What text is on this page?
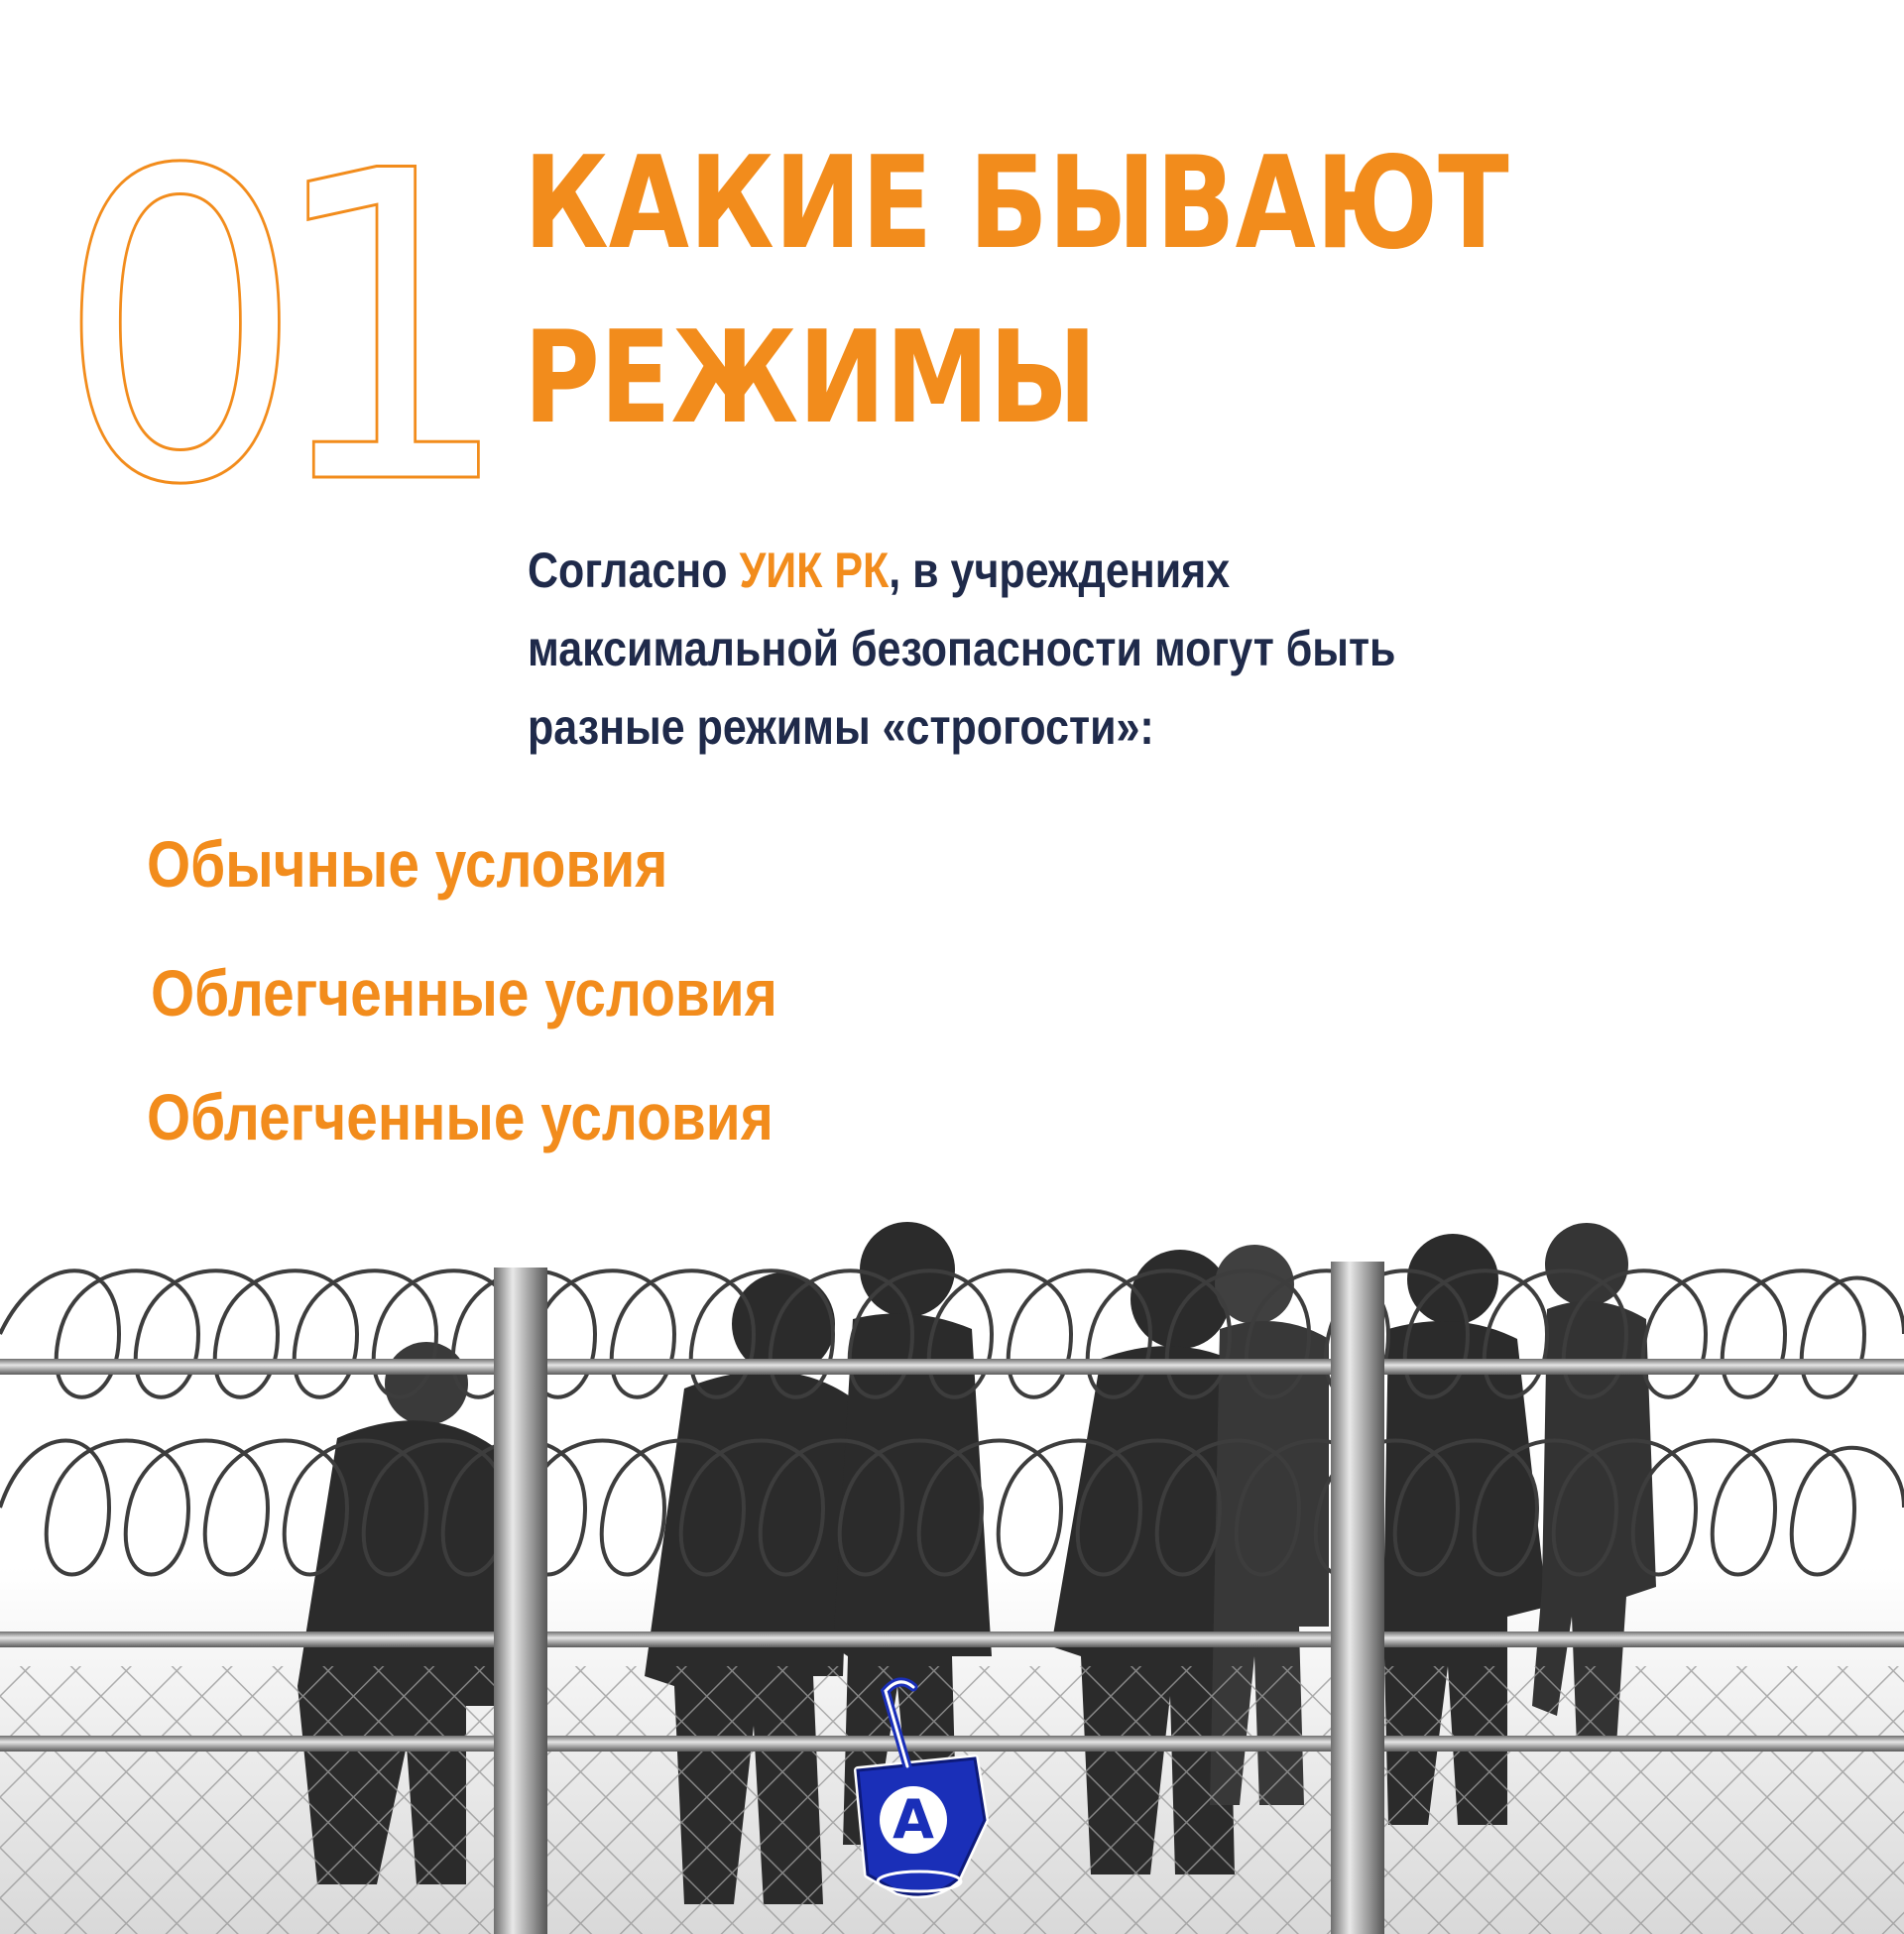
01 КАКИЕ БЫВАЮТ
РЕЖИМЫ
Согласно УИК РК, в учреждениях максимальной безопасности могут быть разные режимы «строгости»:
Обычные условия
Облегченные условия
Облегченные условия
A
